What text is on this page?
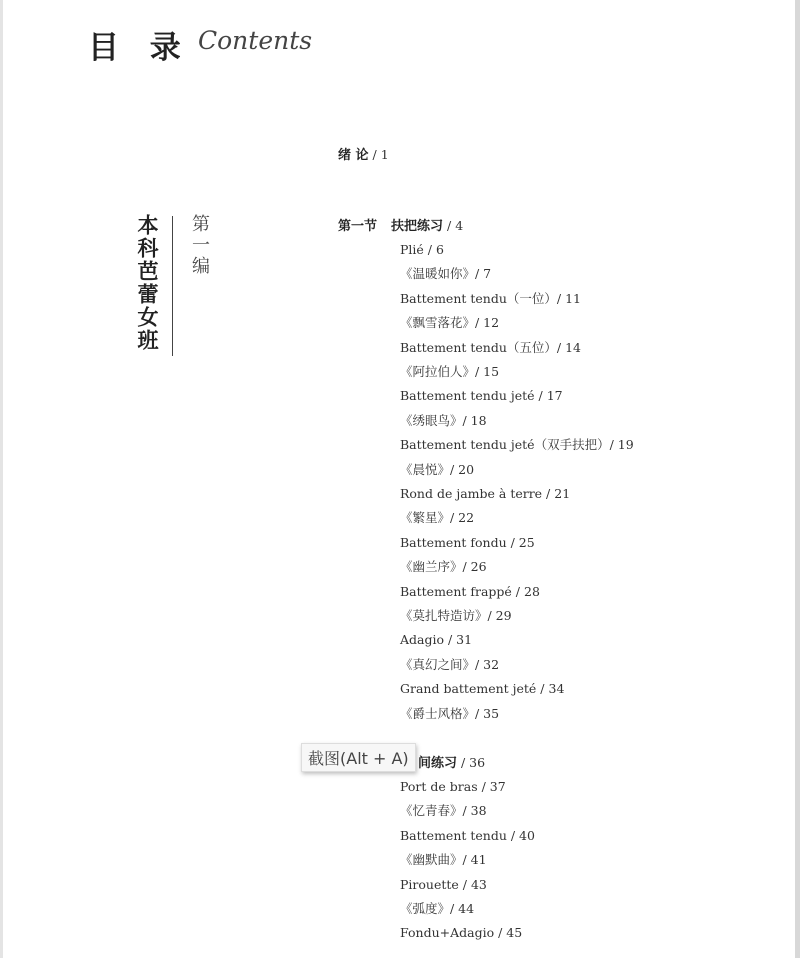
目 录 Contents
本科芭蕾女班 第一编
绪 论 / 1
第一节 扶把练习 / 4
Plié / 6
《温暖如你》/ 7
Battement tendu（一位）/ 11
《飘雪落花》/ 12
Battement tendu（五位）/ 14
《阿拉伯人》/ 15
Battement tendu jeté / 17
《绣眼鸟》/ 18
Battement tendu jeté（双手扶把）/ 19
《晨悦》/ 20
Rond de jambe à terre / 21
《繁星》/ 22
Battement fondu / 25
《幽兰序》/ 26
Battement frappé / 28
《莫扎特造访》/ 29
Adagio / 31
《真幻之间》/ 32
Grand battement jeté / 34
《爵士风格》/ 35
间练习 / 36
Port de bras / 37
《忆青春》/ 38
Battement tendu / 40
《幽默曲》/ 41
Pirouette / 43
《弧度》/ 44
Fondu+Adagio / 45
截图(Alt + A)
